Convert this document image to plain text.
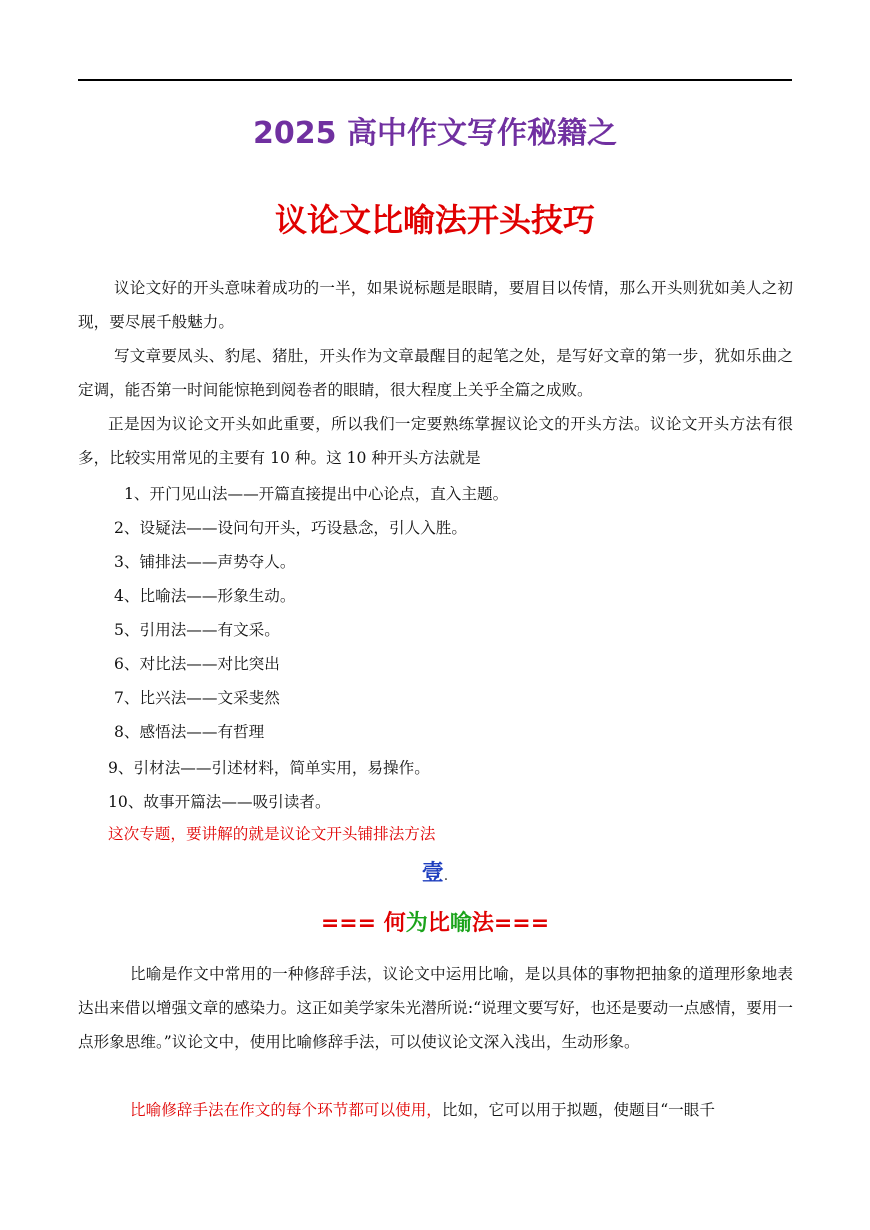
2025 高中作文写作秘籍之
议论文比喻法开头技巧

议论文好的开头意味着成功的一半，如果说标题是眼睛，要眉目以传情，那么开头则犹如美人之初现，要尽展千般魅力。

写文章要凤头、豹尾、猪肚，开头作为文章最醒目的起笔之处，是写好文章的第一步，犹如乐曲之定调，能否第一时间能惊艳到阅卷者的眼睛，很大程度上关乎全篇之成败。

正是因为议论文开头如此重要，所以我们一定要熟练掌握议论文的开头方法。议论文开头方法有很多，比较实用常见的主要有 10 种。这 10 种开头方法就是

1、开门见山法——开篇直接提出中心论点，直入主题。
2、设疑法——设问句开头，巧设悬念，引人入胜。
3、铺排法——声势夺人。
4、比喻法——形象生动。
5、引用法——有文采。
6、对比法——对比突出
7、比兴法——文采斐然
8、感悟法——有哲理
9、引材法——引述材料，简单实用，易操作。
10、故事开篇法——吸引读者。
这次专题，要讲解的就是议论文开头铺排法方法
壹.
=== 何为比喻法===

比喻是作文中常用的一种修辞手法，议论文中运用比喻，是以具体的事物把抽象的道理形象地表达出来借以增强文章的感染力。这正如美学家朱光潜所说:“说理文要写好，也还是要动一点感情，要用一点形象思维。”议论文中，使用比喻修辞手法，可以使议论文深入浅出，生动形象。

比喻修辞手法在作文的每个环节都可以使用，比如，它可以用于拟题，使题目“一眼千
